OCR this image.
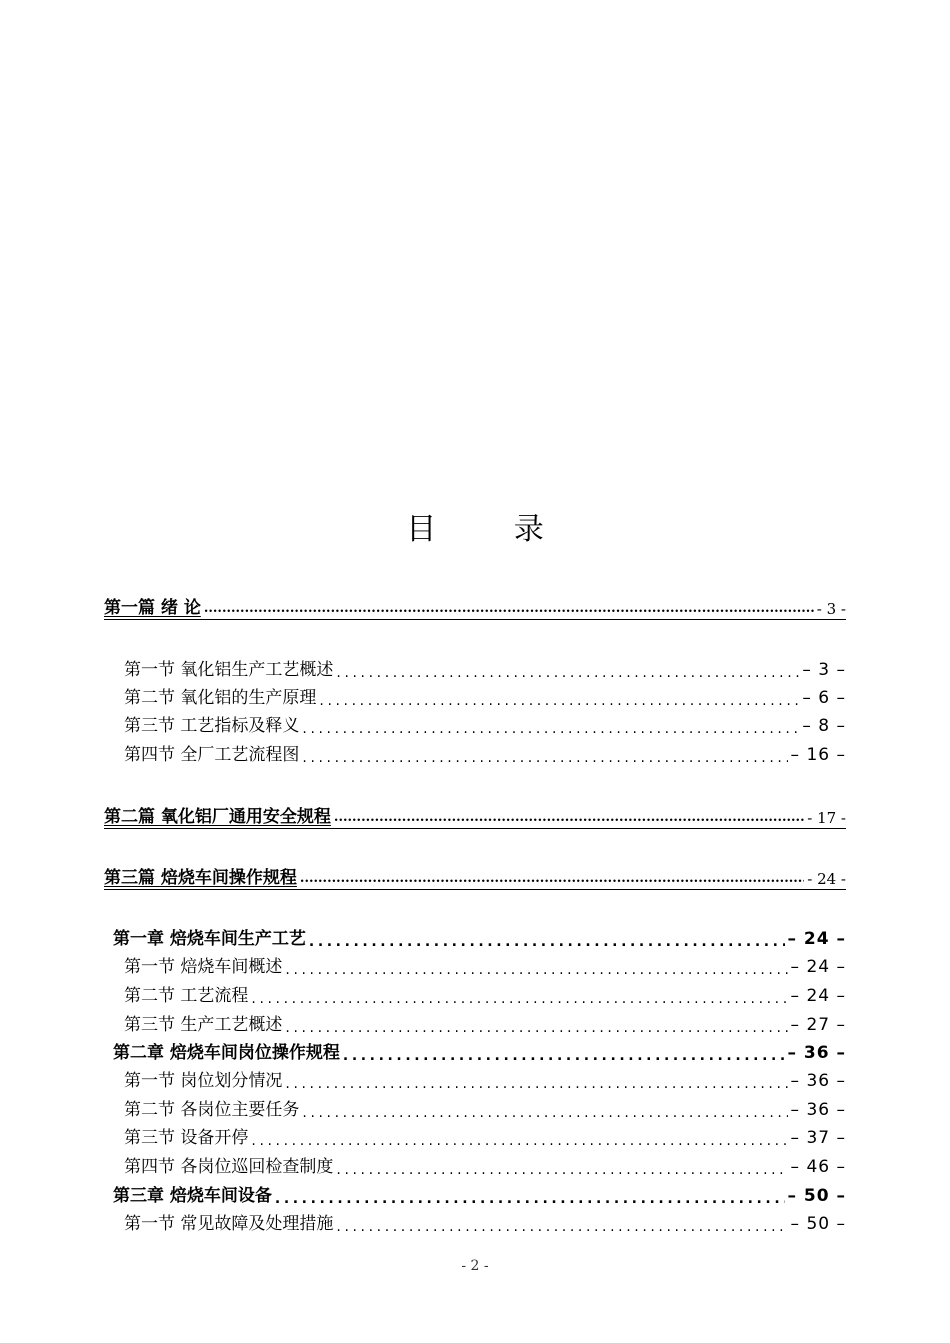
目 录
第一篇 绪 论 .....	- 3 -
第一节 氧化铝生产工艺概述 .....	– 3 –
第二节 氧化铝的生产原理 .....	– 6 –
第三节 工艺指标及释义 .....	– 8 –
第四节 全厂工艺流程图 .....	– 16 –
第二篇 氧化铝厂通用安全规程 .....	- 17 -
第三篇 焙烧车间操作规程 .....	- 24 -
第一章 焙烧车间生产工艺 .....	– 24 –
第一节 焙烧车间概述 .....	– 24 –
第二节 工艺流程 .....	– 24 –
第三节 生产工艺概述 .....	– 27 –
第二章 焙烧车间岗位操作规程 .....	– 36 –
第一节 岗位划分情况 .....	– 36 –
第二节 各岗位主要任务 .....	– 36 –
第三节 设备开停 .....	– 37 –
第四节 各岗位巡回检查制度 .....	– 46 –
第三章 焙烧车间设备 .....	– 50 –
第一节 常见故障及处理措施 .....	– 50 –
- 2 -
